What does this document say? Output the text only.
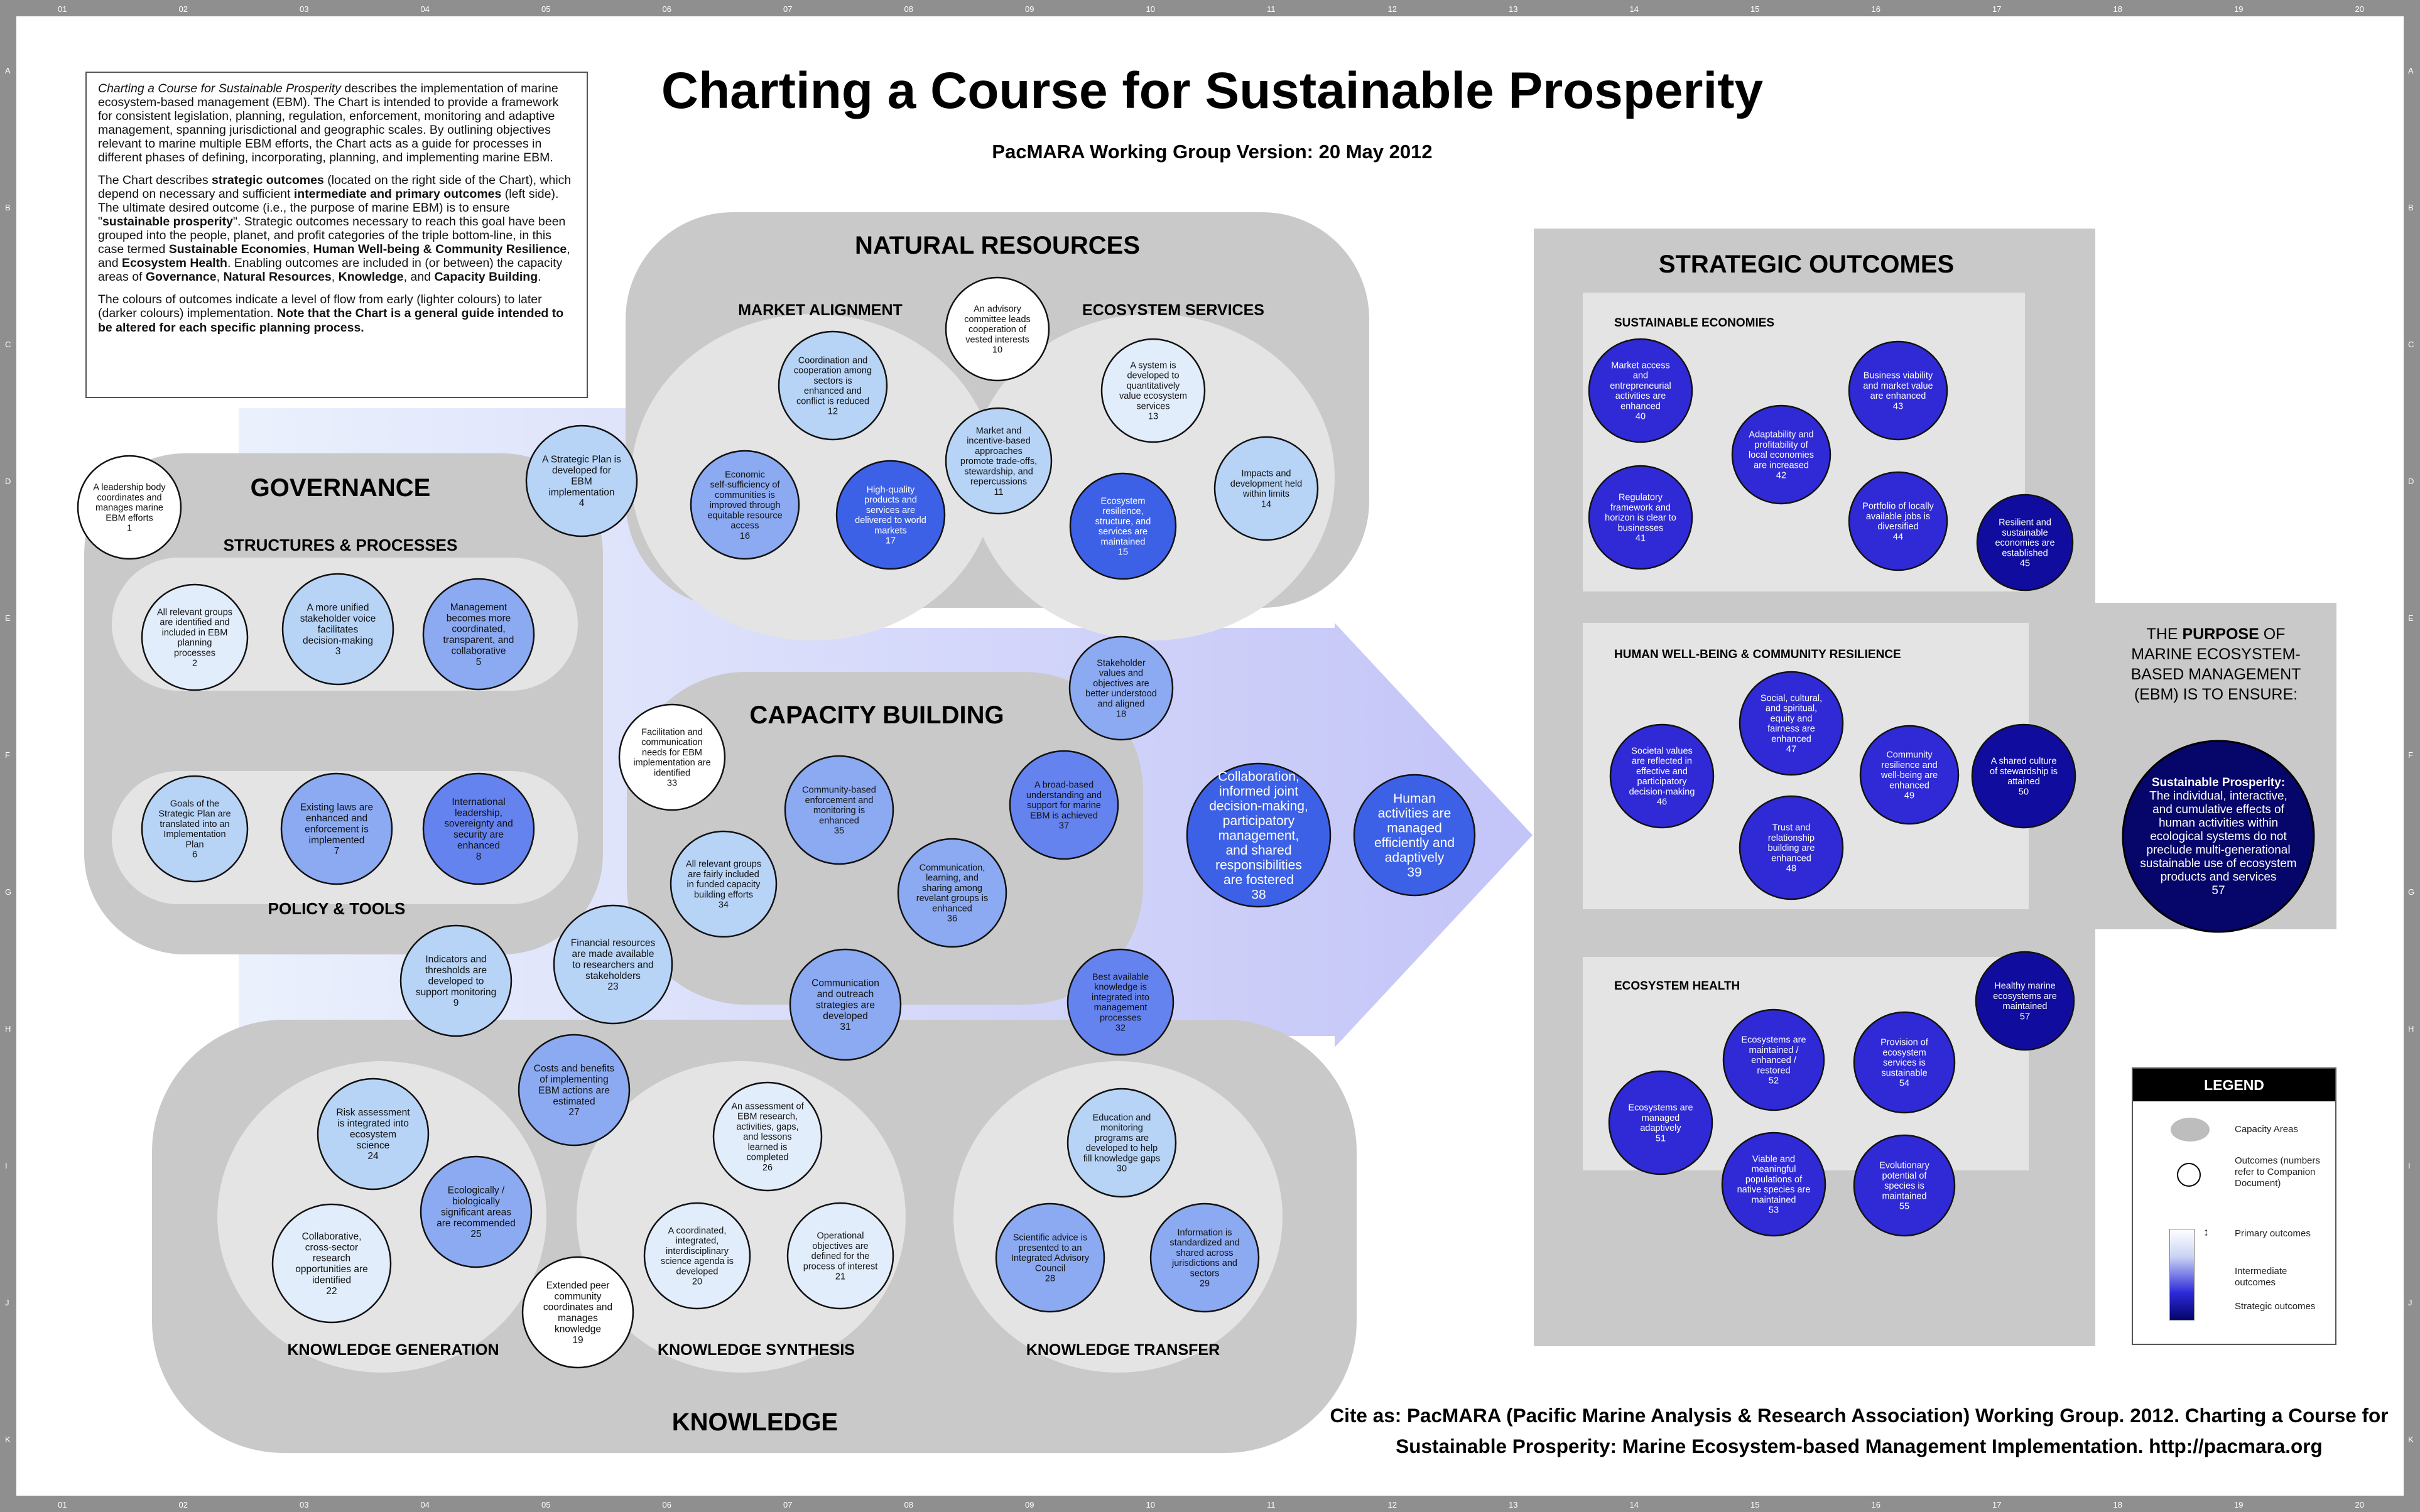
01
01
02
02
03
03
04
04
05
05
06
06
07
07
08
08
09
09
10
10
11
11
12
12
13
13
14
14
15
15
16
16
17
17
18
18
19
19
20
20
A	A
B	B
C	C
D	D
E	E
F	F
G	G
H	H
I	I
J	J
K	K
GOVERNANCE
STRUCTURES & PROCESSES
POLICY & TOOLS
NATURAL RESOURCES
MARKET ALIGNMENT	ECOSYSTEM SERVICES
CAPACITY BUILDING
KNOWLEDGE
KNOWLEDGE GENERATION	KNOWLEDGE SYNTHESIS	KNOWLEDGE TRANSFER
STRATEGIC OUTCOMES
SUSTAINABLE ECONOMIES
HUMAN WELL-BEING & COMMUNITY RESILIENCE
ECOSYSTEM HEALTH
THE PURPOSE OF
MARINE ECOSYSTEM-
BASED MANAGEMENT
(EBM) IS TO ENSURE:
A leadership body
coordinates and
manages marine
EBM efforts
1
All relevant groups
are identified and
included in EBM
planning
processes
2
A more unified
stakeholder voice
facilitates
decision-making
3
A Strategic Plan is
developed for
EBM
implementation
4
Management
becomes more
coordinated,
transparent, and
collaborative
5
Goals of the
Strategic Plan are
translated into an
Implementation
Plan
6
Existing laws are
enhanced and
enforcement is
implemented
7
International
leadership,
sovereignty and
security are
enhanced
8
Indicators and
thresholds are
developed to
support monitoring
9
An advisory
committee leads
cooperation of
vested interests
10
Market and
incentive-based
approaches
promote trade-offs,
stewardship, and
repercussions
11
Coordination and
cooperation among
sectors is
enhanced and
conflict is reduced
12
A system is
developed to
quantitatively
value ecosystem
services
13
Impacts and
development held
within limits
14
Ecosystem
resilience,
structure, and
services are
maintained
15
Economic
self-sufficiency of
communities is
improved through
equitable resource
access
16
High-quality
products and
services are
delivered to world
markets
17
Stakeholder
values and
objectives are
better understood
and aligned
18
Extended peer
community
coordinates and
manages
knowledge
19
A coordinated,
integrated,
interdisciplinary
science agenda is
developed
20
Operational
objectives are
defined for the
process of interest
21
Collaborative,
cross-sector
research
opportunities are
identified
22
Financial resources
are made available
to researchers and
stakeholders
23
Risk assessment
is integrated into
ecosystem
science
24
Ecologically /
biologically
significant areas
are recommended
25
An assessment of
EBM research,
activities, gaps,
and lessons
learned is
completed
26
Costs and benefits
of implementing
EBM actions are
estimated
27
Scientific advice is
presented to an
Integrated Advisory
Council
28
Information is
standardized and
shared across
jurisdictions and
sectors
29
Education and
monitoring
programs are
developed to help
fill knowledge gaps
30
Communication
and outreach
strategies are
developed
31
Best available
knowledge is
integrated into
management
processes
32
Facilitation and
communication
needs for EBM
implementation are
identified
33
All relevant groups
are fairly included
in funded capacity
building efforts
34
Community-based
enforcement and
monitoring is
enhanced
35
Communication,
learning, and
sharing among
revelant groups is
enhanced
36
A broad-based
understanding and
support for marine
EBM is achieved
37
Collaboration,
informed joint
decision-making,
participatory
management,
and shared
responsibilities
are fostered
38
Human
activities are
managed
efficiently and
adaptively
39
Market access
and
entrepreneurial
activities are
enhanced
40
Regulatory
framework and
horizon is clear to
businesses
41
Adaptability and
profitability of
local economies
are increased
42
Business viability
and market value
are enhanced
43
Portfolio of locally
available jobs is
diversified
44
Resilient and
sustainable
economies are
established
45
Societal values
are reflected in
effective and
participatory
decision-making
46
Social, cultural,
and spiritual,
equity and
fairness are
enhanced
47
Trust and
relationship
building are
enhanced
48
Community
resilience and
well-being are
enhanced
49
A shared culture
of stewardship is
attained
50
Ecosystems are
managed
adaptively
51
Ecosystems are
maintained /
enhanced /
restored
52
Viable and
meaningful
populations of
native species are
maintained
53
Provision of
ecosystem
services is
sustainable
54
Evolutionary
potential of
species is
maintained
55
Healthy marine
ecosystems are
maintained
57
Sustainable Prosperity:
The individual, interactive,
and cumulative effects of
human activities within
ecological systems do not
preclude multi-generational
sustainable use of ecosystem
products and services
57

Charting a Course for Sustainable Prosperity describes the implementation of marine ecosystem-based management (EBM). The Chart is intended to provide a framework for consistent legislation, planning, regulation, enforcement, monitoring and adaptive management, spanning jurisdictional and geographic scales. By outlining objectives relevant to marine multiple EBM efforts, the Chart acts as a guide for processes in different phases of defining, incorporating, planning, and implementing marine EBM.

The Chart describes strategic outcomes (located on the right side of the Chart), which depend on necessary and sufficient intermediate and primary outcomes (left side). The ultimate desired outcome (i.e., the purpose of marine EBM) is to ensure "sustainable prosperity". Strategic outcomes necessary to reach this goal have been grouped into the people, planet, and profit categories of the triple bottom-line, in this case termed Sustainable Economies, Human Well-being & Community Resilience, and Ecosystem Health. Enabling outcomes are included in (or between) the capacity areas of Governance, Natural Resources, Knowledge, and Capacity Building.

The colours of outcomes indicate a level of flow from early (lighter colours) to later (darker colours) implementation. Note that the Chart is a general guide intended to be altered for each specific planning process.

Charting a Course for Sustainable Prosperity
PacMARA Working Group Version: 20 May 2012
LEGEND
Capacity Areas
Outcomes (numbers refer to Companion Document)
↕	Primary outcomes
Intermediate outcomes
Strategic outcomes
Cite as: PacMARA (Pacific Marine Analysis & Research Association) Working Group. 2012. Charting a Course for Sustainable Prosperity: Marine Ecosystem-based Management Implementation. http://pacmara.org
